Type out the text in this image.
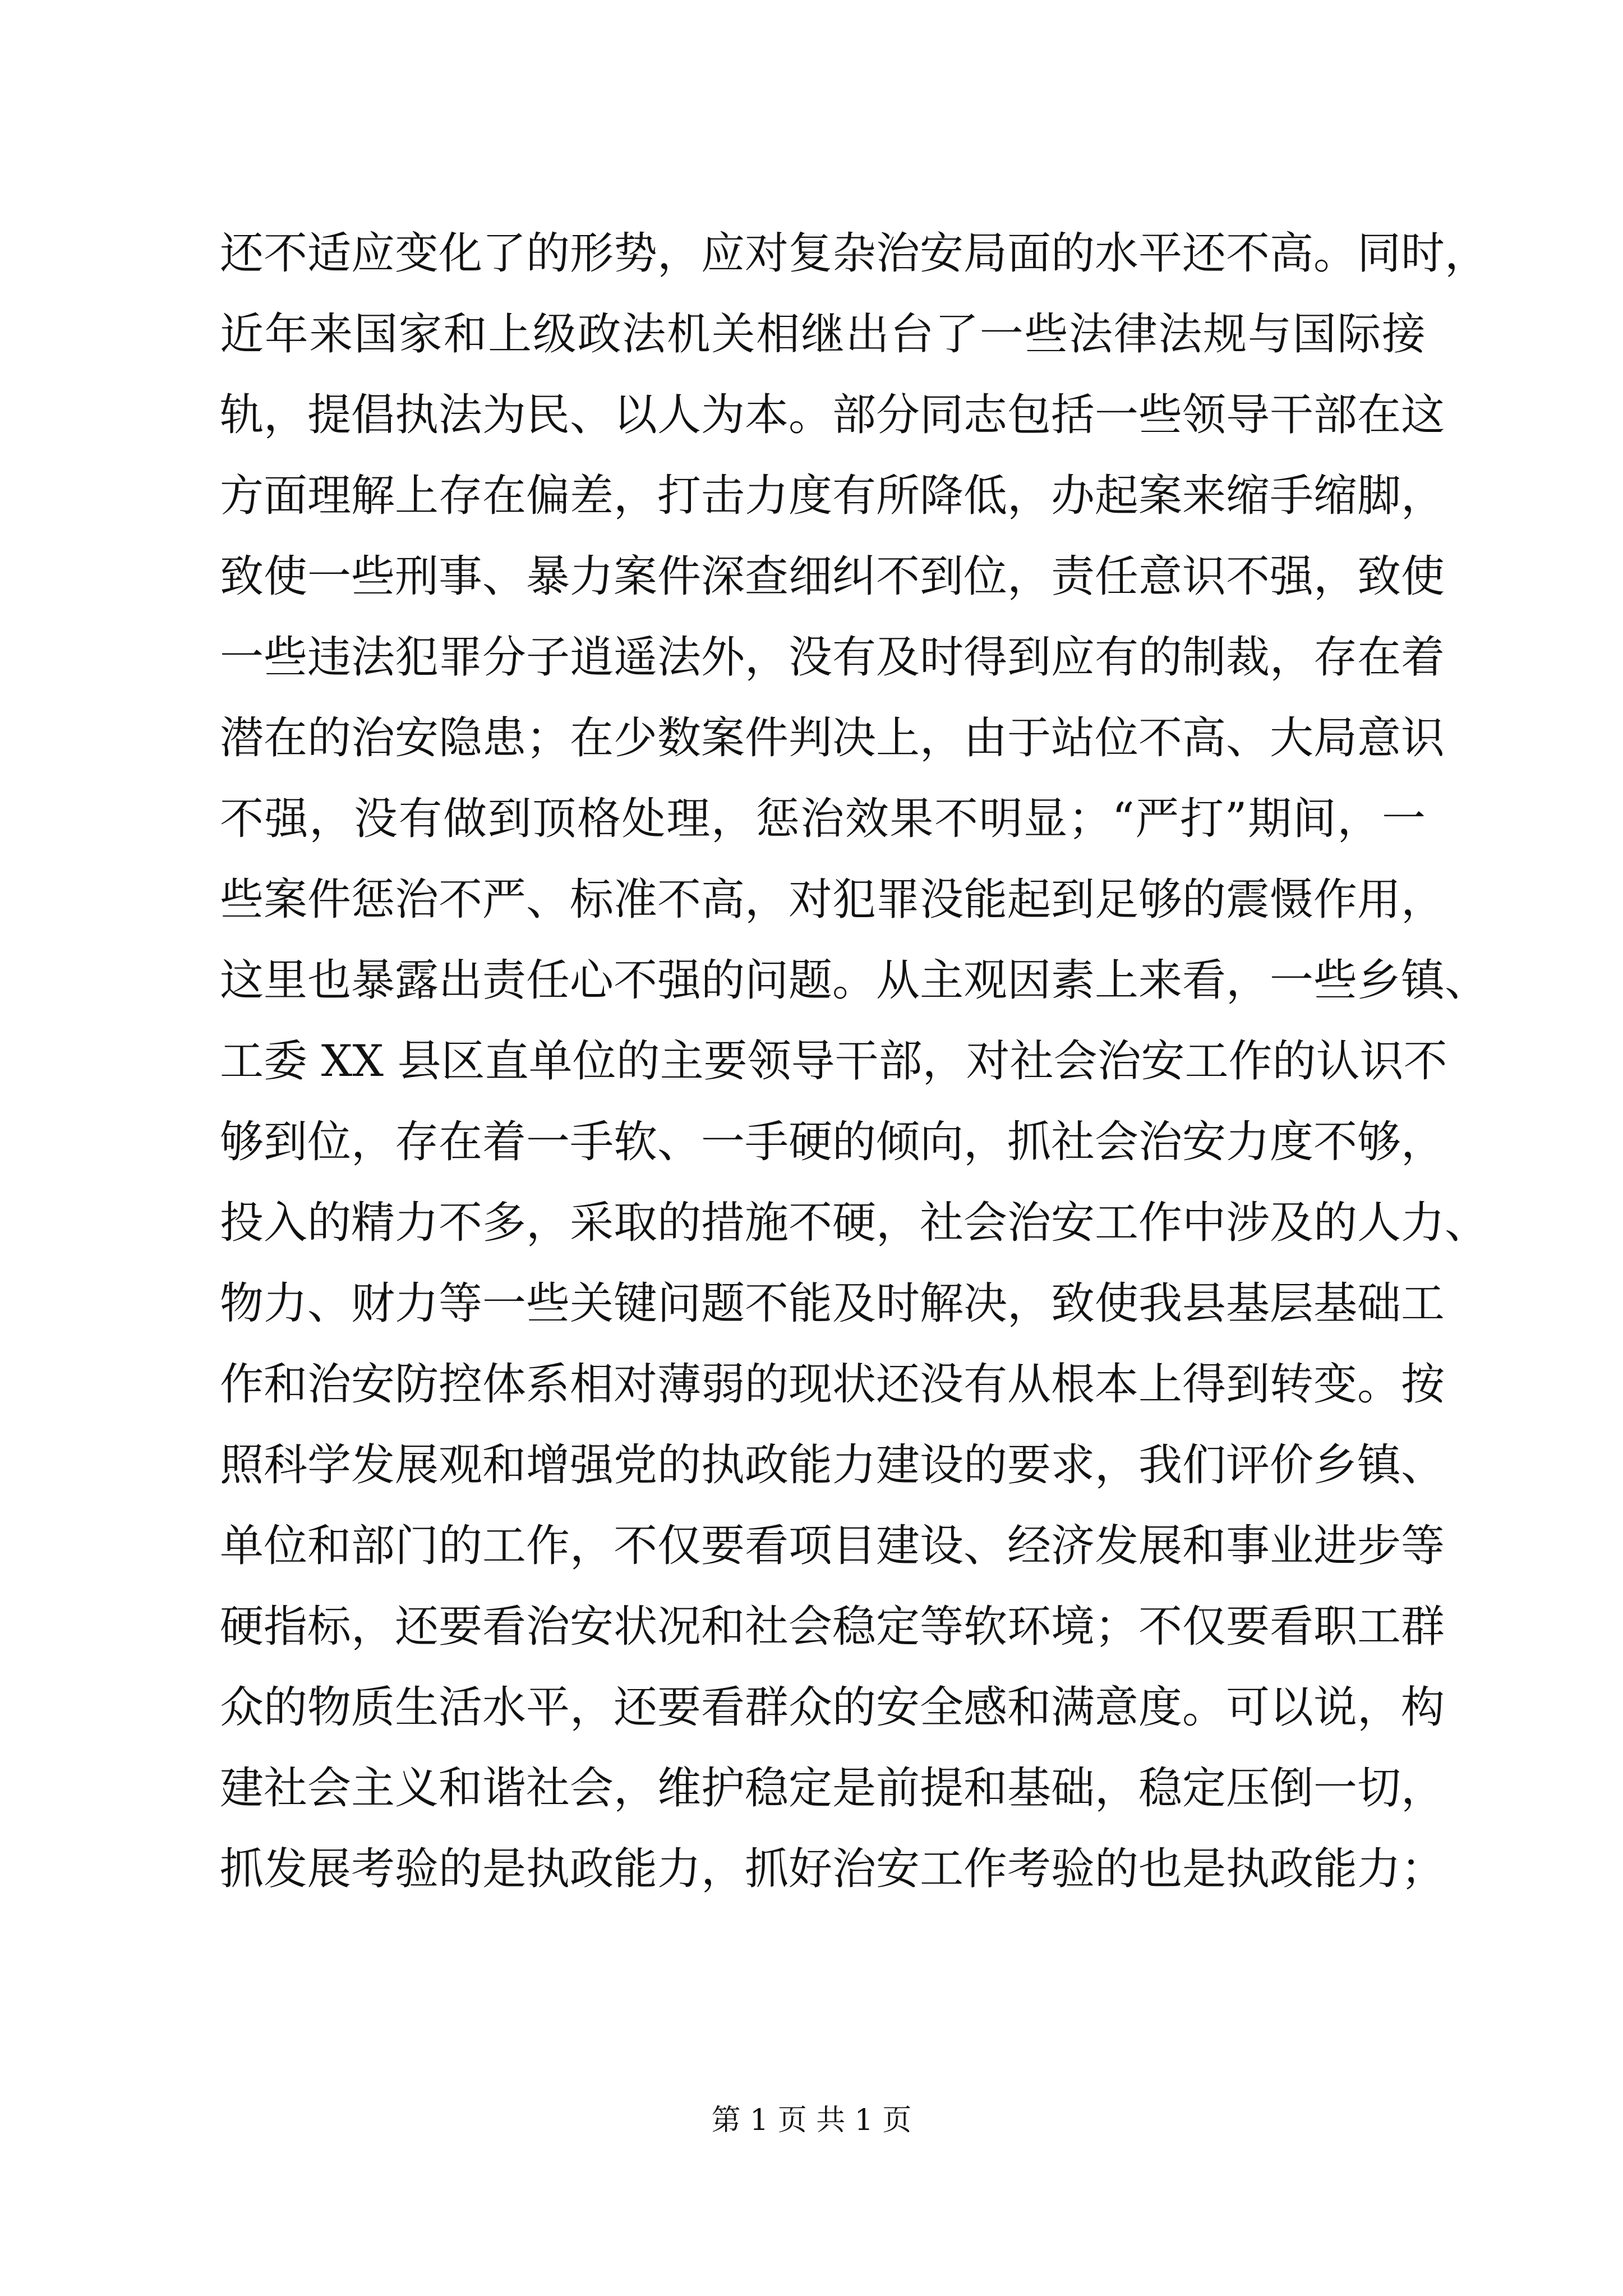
还不适应变化了的形势，应对复杂治安局面的水平还不高。同时，
近年来国家和上级政法机关相继出台了一些法律法规与国际接
轨，提倡执法为民、以人为本。部分同志包括一些领导干部在这
方面理解上存在偏差，打击力度有所降低，办起案来缩手缩脚，
致使一些刑事、暴力案件深查细纠不到位，责任意识不强，致使
一些违法犯罪分子逍遥法外，没有及时得到应有的制裁，存在着
潜在的治安隐患；在少数案件判决上，由于站位不高、大局意识
不强，没有做到顶格处理，惩治效果不明显；“严打”期间，一
些案件惩治不严、标准不高，对犯罪没能起到足够的震慑作用，
这里也暴露出责任心不强的问题。从主观因素上来看，一些乡镇、
工委 XX 县区直单位的主要领导干部，对社会治安工作的认识不
够到位，存在着一手软、一手硬的倾向，抓社会治安力度不够，
投入的精力不多，采取的措施不硬，社会治安工作中涉及的人力、
物力、财力等一些关键问题不能及时解决，致使我县基层基础工
作和治安防控体系相对薄弱的现状还没有从根本上得到转变。按
照科学发展观和增强党的执政能力建设的要求，我们评价乡镇、
单位和部门的工作，不仅要看项目建设、经济发展和事业进步等
硬指标，还要看治安状况和社会稳定等软环境；不仅要看职工群
众的物质生活水平，还要看群众的安全感和满意度。可以说，构
建社会主义和谐社会，维护稳定是前提和基础，稳定压倒一切，
抓发展考验的是执政能力，抓好治安工作考验的也是执政能力；
第 1 页 共 1 页
